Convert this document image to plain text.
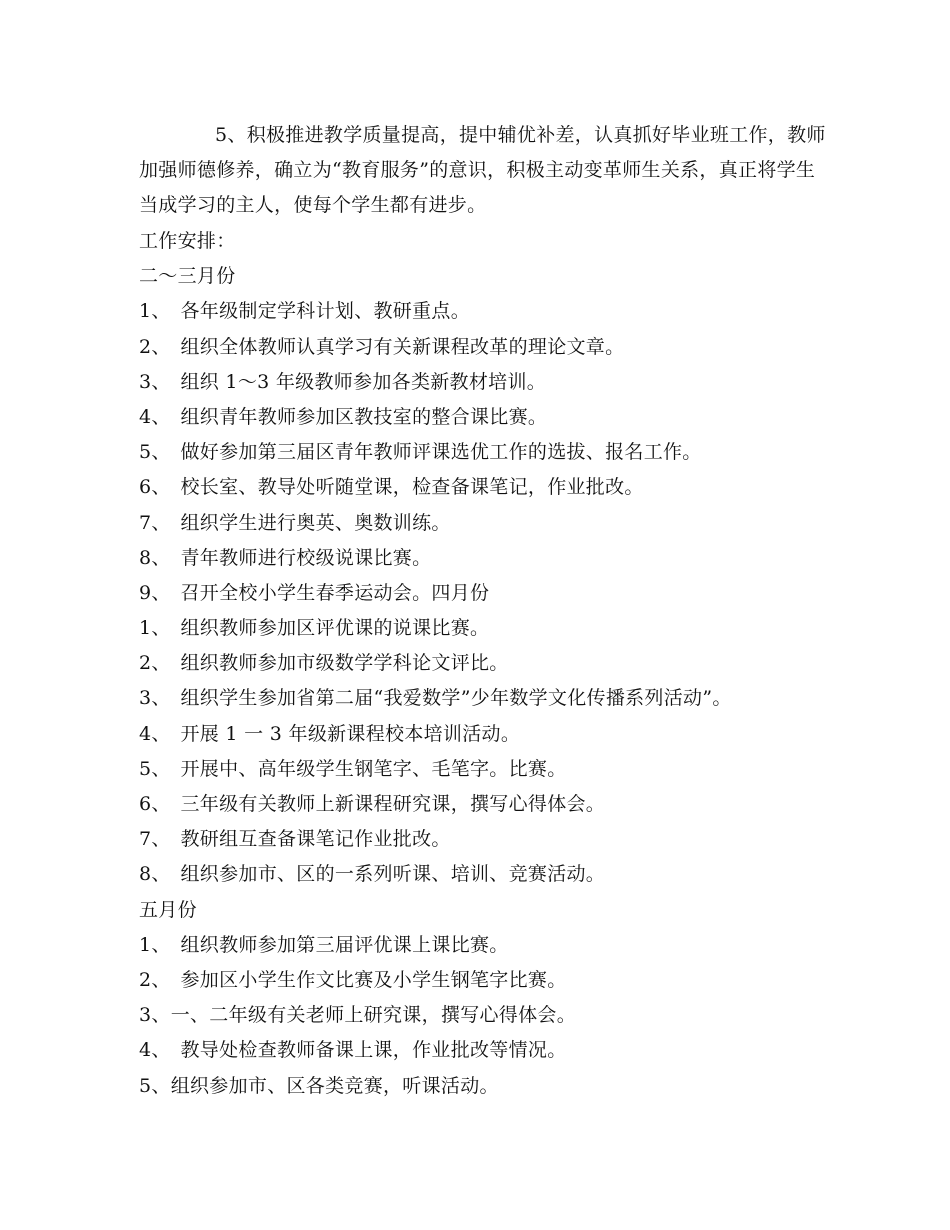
5、积极推进教学质量提高，提中辅优补差，认真抓好毕业班工作，教师加强师德修养，确立为“教育服务”的意识，积极主动变革师生关系，真正将学生当成学习的主人，使每个学生都有进步。

工作安排：
二～三月份
1、　各年级制定学科计划、教研重点。
2、　组织全体教师认真学习有关新课程改革的理论文章。
3、　组织 1～3 年级教师参加各类新教材培训。
4、　组织青年教师参加区教技室的整合课比赛。
5、　做好参加第三届区青年教师评课选优工作的选拔、报名工作。
6、　校长室、教导处听随堂课，检查备课笔记，作业批改。
7、　组织学生进行奥英、奥数训练。
8、　青年教师进行校级说课比赛。
9、　召开全校小学生春季运动会。四月份
1、　组织教师参加区评优课的说课比赛。
2、　组织教师参加市级数学学科论文评比。
3、　组织学生参加省第二届“我爱数学”少年数学文化传播系列活动”。
4、　开展 1 一 3 年级新课程校本培训活动。
5、　开展中、高年级学生钢笔字、毛笔字。比赛。
6、　三年级有关教师上新课程研究课，撰写心得体会。
7、　教研组互查备课笔记作业批改。
8、　组织参加市、区的一系列听课、培训、竞赛活动。
五月份
1、　组织教师参加第三届评优课上课比赛。
2、　参加区小学生作文比赛及小学生钢笔字比赛。
3、一、二年级有关老师上研究课，撰写心得体会。
4、　教导处检查教师备课上课，作业批改等情况。
5、组织参加市、区各类竞赛，听课活动。
